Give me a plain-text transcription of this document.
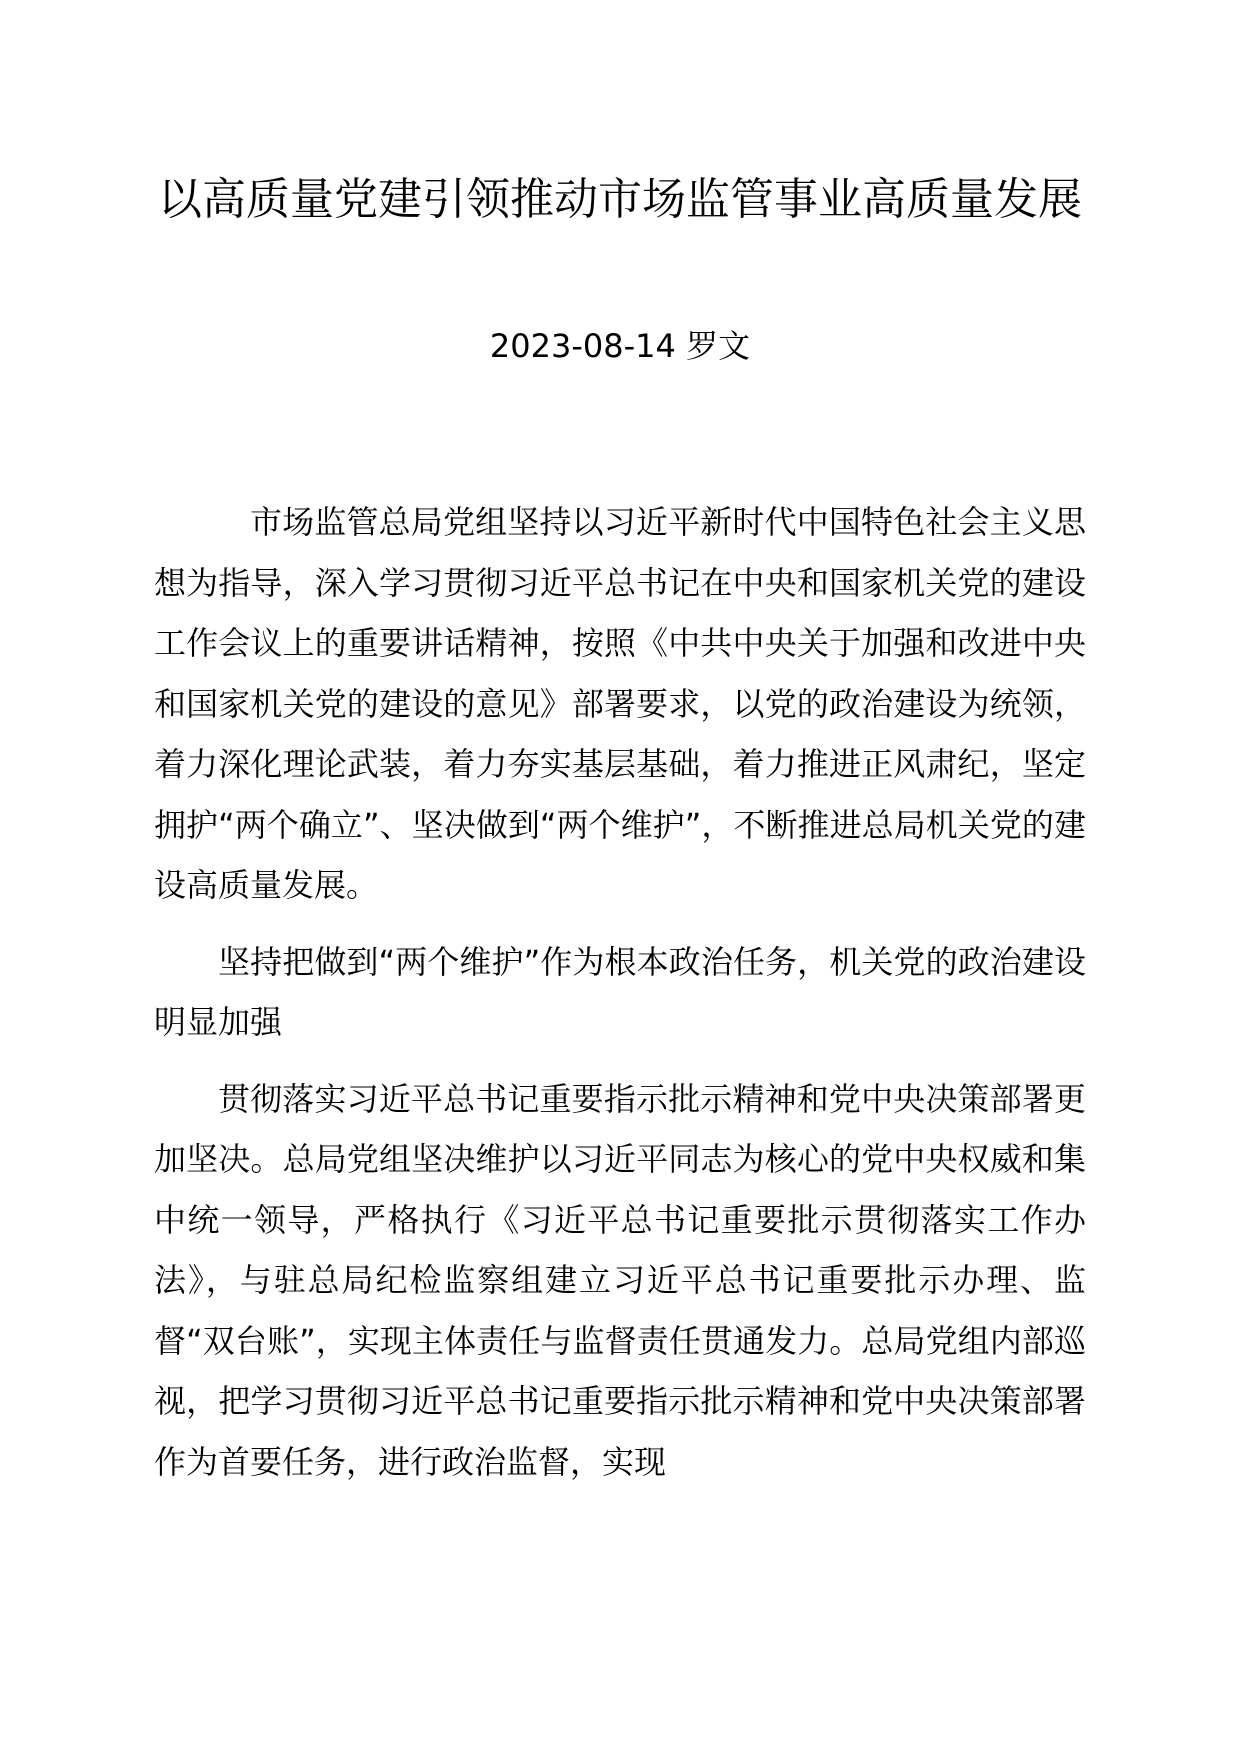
以高质量党建引领推动市场监管事业高质量发展
2023-08-14 罗文

市场监管总局党组坚持以习近平新时代中国特色社会主义思想为指导，深入学习贯彻习近平总书记在中央和国家机关党的建设工作会议上的重要讲话精神，按照《中共中央关于加强和改进中央和国家机关党的建设的意见》部署要求，以党的政治建设为统领，着力深化理论武装，着力夯实基层基础，着力推进正风肃纪，坚定拥护“两个确立”、坚决做到“两个维护”，不断推进总局机关党的建设高质量发展。

坚持把做到“两个维护”作为根本政治任务，机关党的政治建设明显加强

贯彻落实习近平总书记重要指示批示精神和党中央决策部署更加坚决。总局党组坚决维护以习近平同志为核心的党中央权威和集中统一领导，严格执行《习近平总书记重要批示贯彻落实工作办法》，与驻总局纪检监察组建立习近平总书记重要批示办理、监督“双台账”，实现主体责任与监督责任贯通发力。总局党组内部巡视，把学习贯彻习近平总书记重要指示批示精神和党中央决策部署作为首要任务，进行政治监督，实现
